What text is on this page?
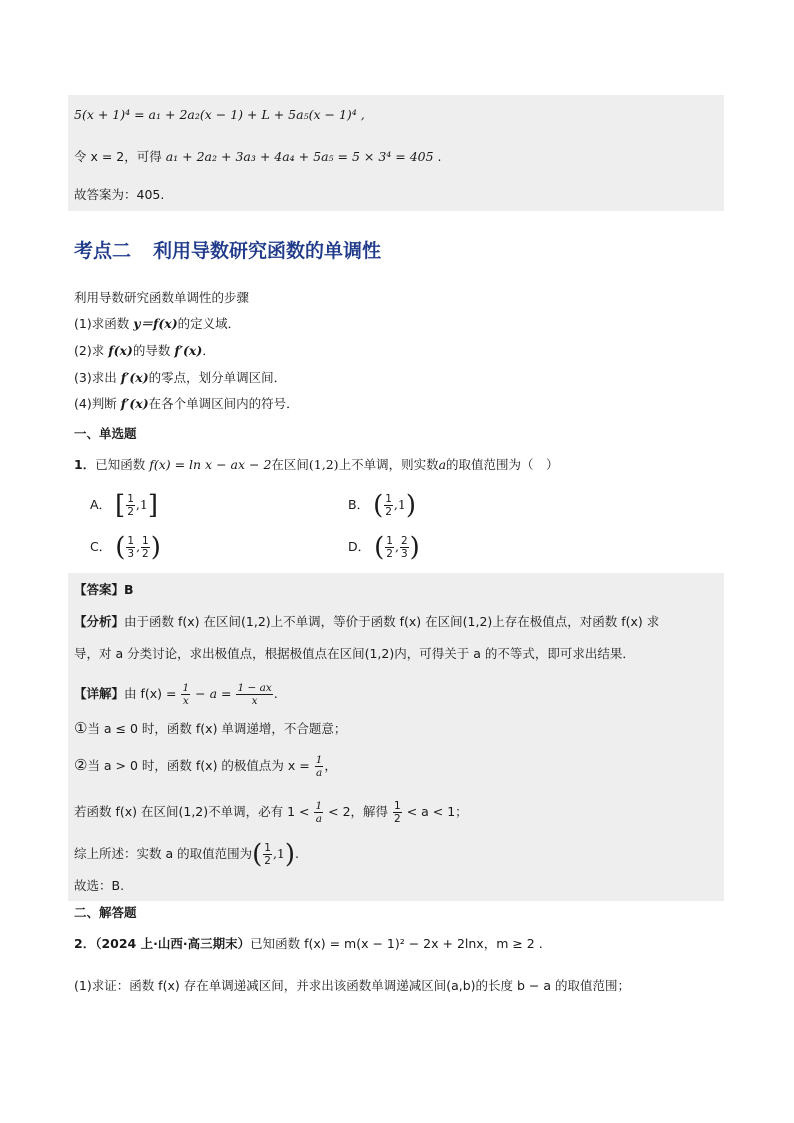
5(x + 1)⁴ = a₁ + 2a₂(x − 1) + L + 5a₅(x − 1)⁴ ,
令 x = 2，可得 a₁ + 2a₂ + 3a₃ + 4a₄ + 5a₅ = 5 × 3⁴ = 405 .
故答案为：405.
考点二 利用导数研究函数的单调性
利用导数研究函数单调性的步骤
(1)求函数 y＝f(x)的定义域．
(2)求 f(x)的导数 f′(x)．
(3)求出 f′(x)的零点，划分单调区间．
(4)判断 f′(x)在各个单调区间内的符号．
一、单选题
1．已知函数 f(x) = ln x − ax − 2在区间(1,2)上不单调，则实数a的取值范围为（　）
A． [ $\frac{1}{2} ,1$]	B． ( $\frac{1}{2} ,1$)
C． ( $\frac{1}{3}$ , $\frac{1}{2}$ )	D． ( $\frac{1}{2}$ , $\frac{2}{3}$ )
【答案】B
【分析】由于函数 f(x) 在区间(1,2)上不单调，等价于函数 f(x) 在区间(1,2)上存在极值点，对函数 f(x) 求
导，对 a 分类讨论，求出极值点，根据极值点在区间(1,2)内，可得关于 a 的不等式，即可求出结果．
【详解】由 $f(x) = \frac{1}{x} - a = \frac{1 - ax}{x}$ .
①当 a ≤ 0 时，函数 f(x) 单调递增，不合题意；
②当 a > 0 时，函数 f(x) 的极值点为 $x = \frac{1}{a}$ ，
若函数 f(x) 在区间(1,2)不单调，必有 $1 < \frac{1}{a} < 2$，解得 $\frac{1}{2} < a < 1$；
综上所述：实数 a 的取值范围为( $\frac{1}{2} ,1$).
故选：B.
二、解答题
2．（2024 上·山西·高三期末）已知函数 f(x) = m(x − 1)² − 2x + 2lnx，m ≥ 2 .
(1)求证：函数 f(x) 存在单调递减区间，并求出该函数单调递减区间(a,b)的长度 b − a 的取值范围；
